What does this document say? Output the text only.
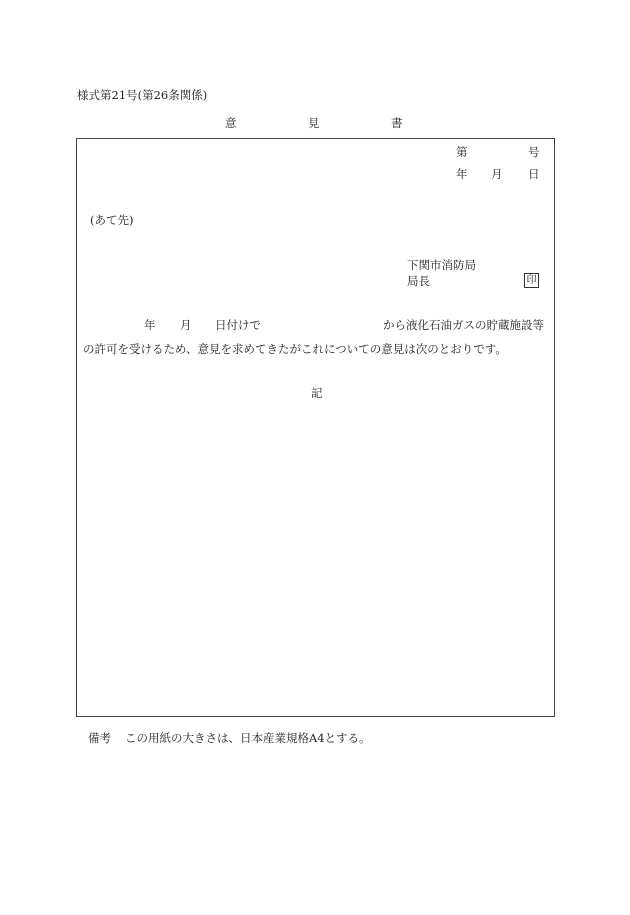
様式第21号(第26条関係)
意	見	書
第	号
年 月 日
(あて先)
下関市消防局
局長	印
年 月 日付けで	から液化石油ガスの貯蔵施設等
の許可を受けるため、意見を求めてきたがこれについての意見は次のとおりです。
記
備考 この用紙の大きさは、日本産業規格A4とする。
